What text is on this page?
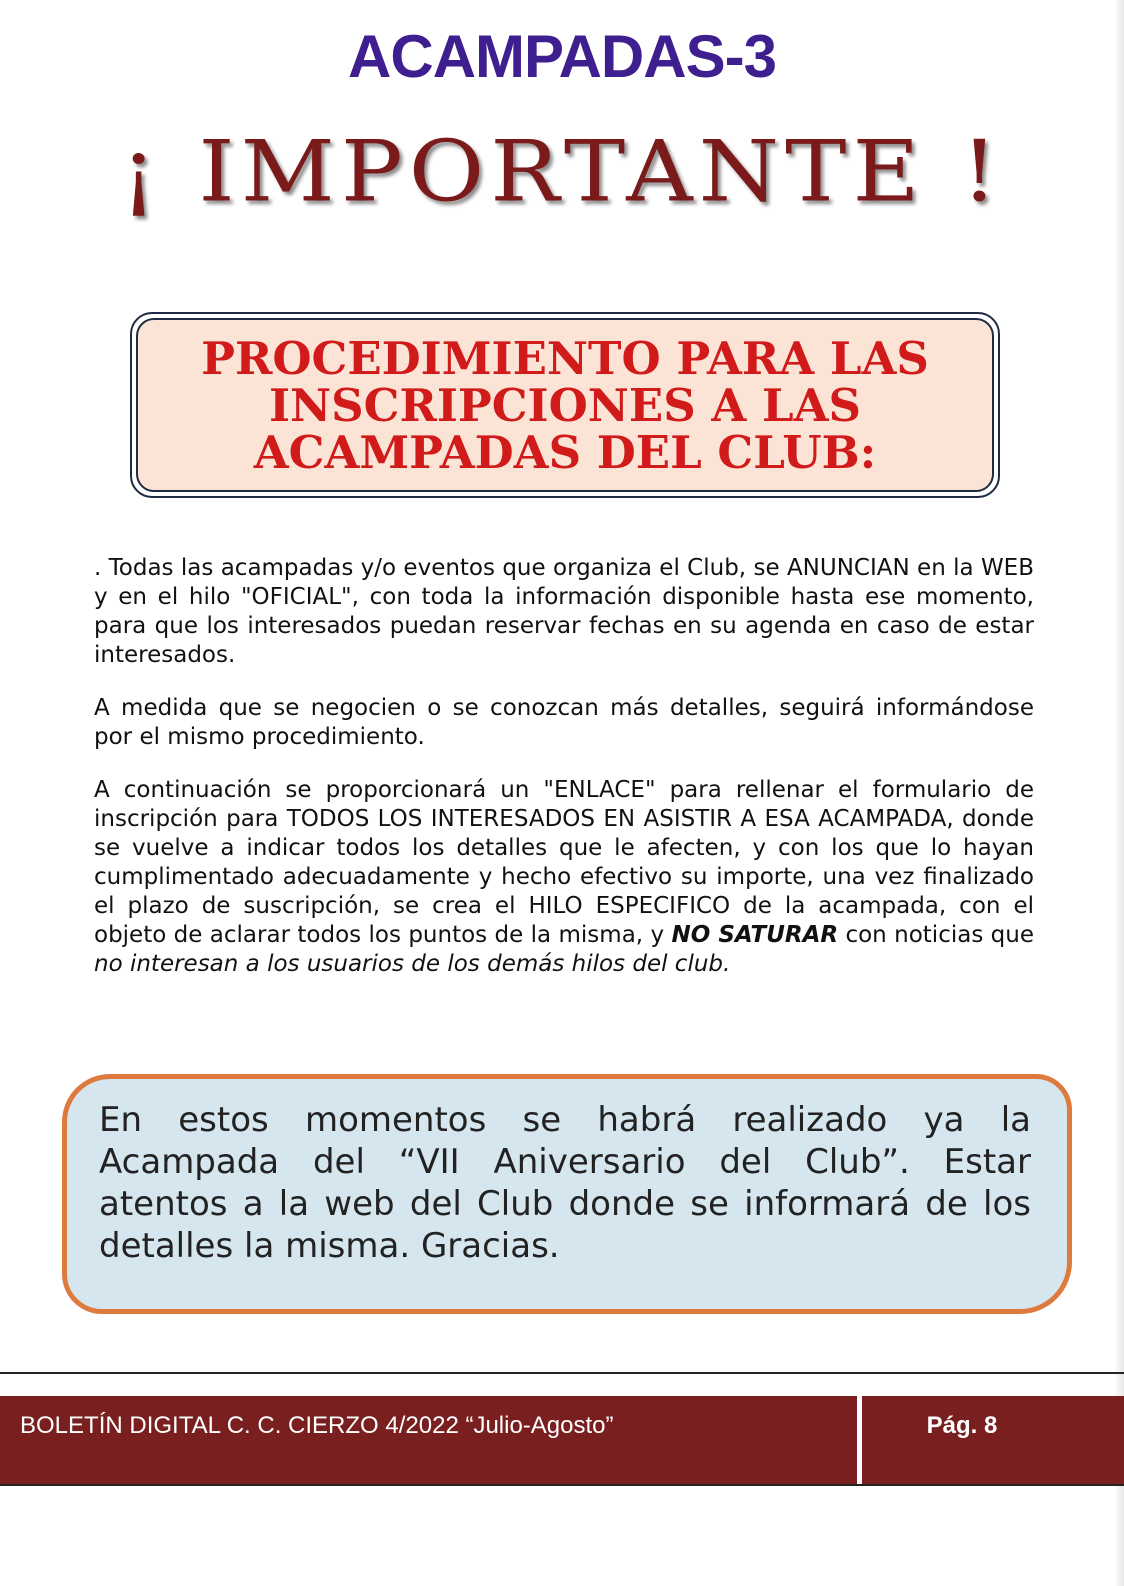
ACAMPADAS-3
¡ IMPORTANTE !
PROCEDIMIENTO PARA LAS
INSCRIPCIONES A LAS
ACAMPADAS DEL CLUB:

. Todas las acampadas y/o eventos que organiza el Club, se ANUNCIAN en la WEB y en el hilo "OFICIAL", con toda la información disponible hasta ese momento, para que los interesados puedan reservar fechas en su agenda en caso de estar interesados.

A medida que se negocien o se conozcan más detalles, seguirá informándose por el mismo procedimiento.

A continuación se proporcionará un "ENLACE" para rellenar el formulario de inscripción para TODOS LOS INTERESADOS EN ASISTIR A ESA ACAMPADA, donde se vuelve a indicar todos los detalles que le afecten, y con los que lo hayan cumplimentado adecuadamente y hecho efectivo su importe, una vez finalizado el plazo de suscripción, se crea el HILO ESPECIFICO de la acampada, con el objeto de aclarar todos los puntos de la misma, y NO SATURAR con noticias que no interesan a los usuarios de los demás hilos del club.

En estos momentos se habrá realizado ya la Acampada del “VII Aniversario del Club”. Estar atentos a la web del Club donde se informará de los detalles la misma. Gracias.

BOLETÍN DIGITAL C. C. CIERZO 4/2022 “Julio-Agosto”	Pág. 8
